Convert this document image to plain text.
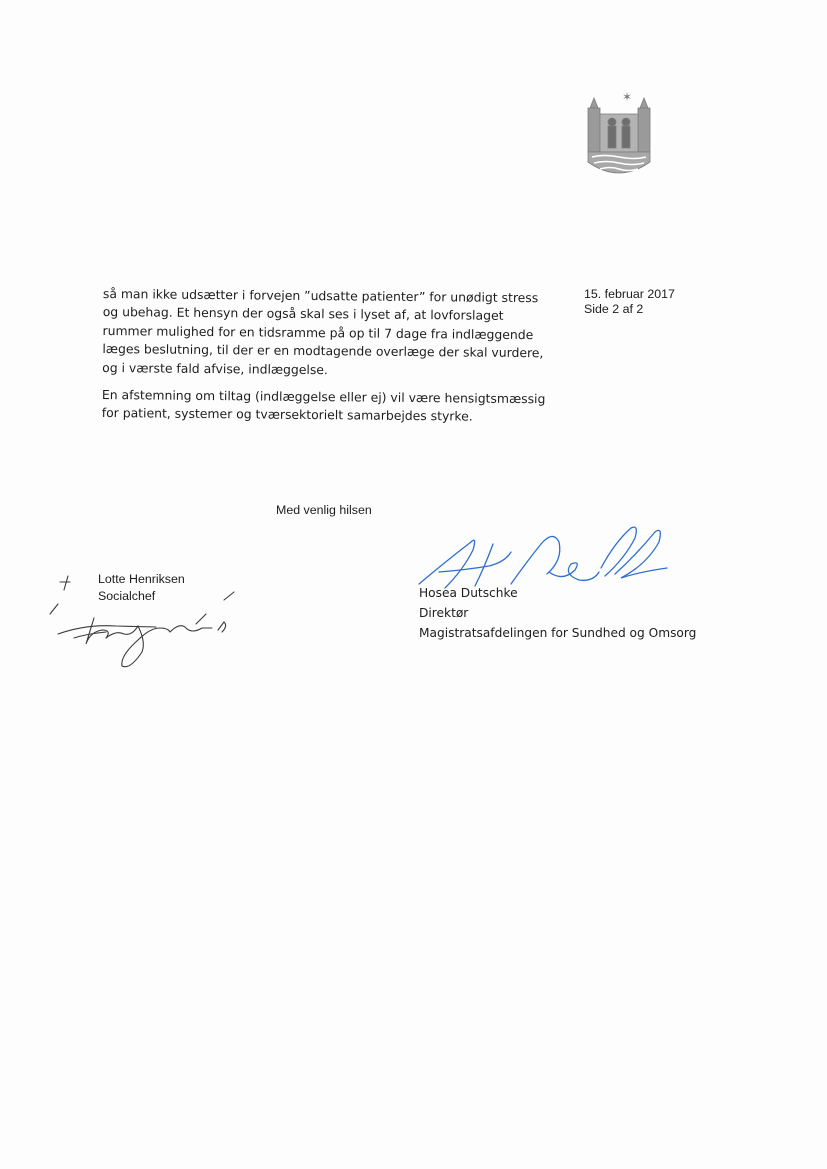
✶

så man ikke udsætter i forvejen ”udsatte patienter” for unødigt stress og ubehag. Et hensyn der også skal ses i lyset af, at lovforslaget rummer mulighed for en tidsramme på op til 7 dage fra indlæggende læges beslutning, til der er en modtagende overlæge der skal vurdere, og i værste fald afvise, indlæggelse.

En afstemning om tiltag (indlæggelse eller ej) vil være hensigtsmæssig for patient, systemer og tværsektorielt samarbejdes styrke.

15. februar 2017
Side 2 af 2
Med venlig hilsen
Lotte Henriksen
Socialchef	Hosea Dutschke
Direktør
Magistratsafdelingen for Sundhed og Omsorg
